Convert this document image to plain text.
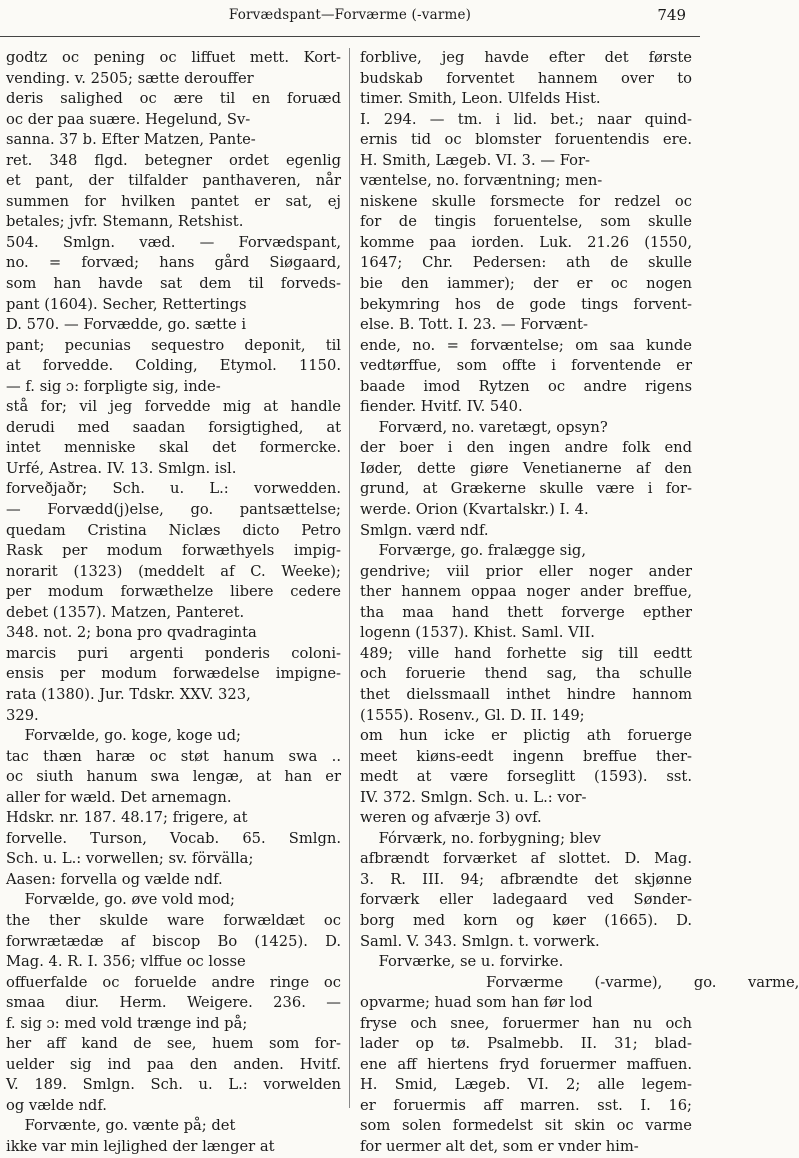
Forvædspant—Forværme (-varme)	749
godtz oc pening oc liffuet mett. Kort-
vending. v. 2505; sætte derouffer
deris salighed oc ære til en foruæd
oc der paa suære. Hegelund, Sv-
sanna. 37 b. Efter Matzen, Pante-
ret. 348 flgd. betegner ordet egenlig
et pant, der tilfalder panthaveren, når
summen for hvilken pantet er sat, ej
betales; jvfr. Stemann, Retshist.
504. Smlgn. væd. — Forvædspant,
no. = forvæd; hans gård Siøgaard,
som han havde sat dem til forveds-
pant (1604). Secher, Rettertings
D. 570. — Forvædde, go. sætte i
pant; pecunias sequestro deponit, til
at forvedde. Colding, Etymol. 1150.
— f. sig ɔ: forpligte sig, inde-
stå for; vil jeg forvedde mig at handle
derudi med saadan forsigtighed, at
intet menniske skal det formercke.
Urfé, Astrea. IV. 13. Smlgn. isl.
forveðjaðr; Sch. u. L.: vorwedden.
— Forvædd(j)else, go. pantsættelse;
quedam Cristina Niclæs dicto Petro
Rask per modum forwæthyels impig-
norarit (1323) (meddelt af C. Weeke);
per modum forwæthelze libere cedere
debet (1357). Matzen, Panteret.
348. not. 2; bona pro qvadraginta
marcis puri argenti ponderis coloni-
ensis per modum forwædelse impigne-
rata (1380). Jur. Tdskr. XXV. 323,
329.
Forvælde, go. koge, koge ud;
tac thæn haræ oc støt hanum swa ..
oc siuth hanum swa lengæ, at han er
aller for wæld. Det arnemagn.
Hdskr. nr. 187. 48.17; frigere, at
forvelle. Turson, Vocab. 65. Smlgn.
Sch. u. L.: vorwellen; sv. förvälla;
Aasen: forvella og vælde ndf.
Forvælde, go. øve vold mod;
the ther skulde ware forwældæt oc
forwrætædæ af biscop Bo (1425). D.
Mag. 4. R. I. 356; vlffue oc losse
offuerfalde oc foruelde andre ringe oc
smaa diur. Herm. Weigere. 236. —
f. sig ɔ: med vold trænge ind på;
her aff kand de see, huem som for-
uelder sig ind paa den anden. Hvitf.
V. 189. Smlgn. Sch. u. L.: vorwelden
og vælde ndf.
Forvænte, go. vænte på; det
ikke var min lejlighed der længer at
forblive, jeg havde efter det første
budskab forventet hannem over to
timer. Smith, Leon. Ulfelds Hist.
I. 294. — tm. i lid. bet.; naar quind-
ernis tid oc blomster foruentendis ere.
H. Smith, Lægeb. VI. 3. — For-
væntelse, no. forvæntning; men-
niskene skulle forsmecte for redzel oc
for de tingis foruentelse, som skulle
komme paa iorden. Luk. 21.26 (1550,
1647; Chr. Pedersen: ath de skulle
bie den iammer); der er oc nogen
bekymring hos de gode tings forvent-
else. B. Tott. I. 23. — Forvænt-
ende, no. = forvæntelse; om saa kunde
vedtørffue, som offte i forventende er
baade imod Rytzen oc andre rigens
fiender. Hvitf. IV. 540.
Forværd, no. varetægt, opsyn?
der boer i den ingen andre folk end
Iøder, dette giøre Venetianerne af den
grund, at Grækerne skulle være i for-
werde. Orion (Kvartalskr.) I. 4.
Smlgn. værd ndf.
Forværge, go. fralægge sig,
gendrive; viil prior eller noger ander
ther hannem oppaa noger ander breffue,
tha maa hand thett forverge epther
logenn (1537). Khist. Saml. VII.
489; ville hand forhette sig till eedtt
och foruerie thend sag, tha schulle
thet dielssmaall inthet hindre hannom
(1555). Rosenv., Gl. D. II. 149;
om hun icke er plictig ath foruerge
meet kiøns-eedt ingenn breffue ther-
medt at være forseglitt (1593). sst.
IV. 372. Smlgn. Sch. u. L.: vor-
weren og afværje 3) ovf.
Fórværk, no. forbygning; blev
afbrændt forværket af slottet. D. Mag.
3. R. III. 94; afbrændte det skjønne
forværk eller ladegaard ved Sønder-
borg med korn og køer (1665). D.
Saml. V. 343. Smlgn. t. vorwerk.
Forværke, se u. forvirke.
Forværme (-varme), go. varme,
opvarme; huad som han før lod
fryse och snee, foruermer han nu och
lader op tø. Psalmebb. II. 31; blad-
ene aff hiertens fryd foruermer maffuen.
H. Smid, Lægeb. VI. 2; alle legem-
er foruermis aff marren. sst. I. 16;
som solen formedelst sit skin oc varme
for uermer alt det, som er vnder him-
